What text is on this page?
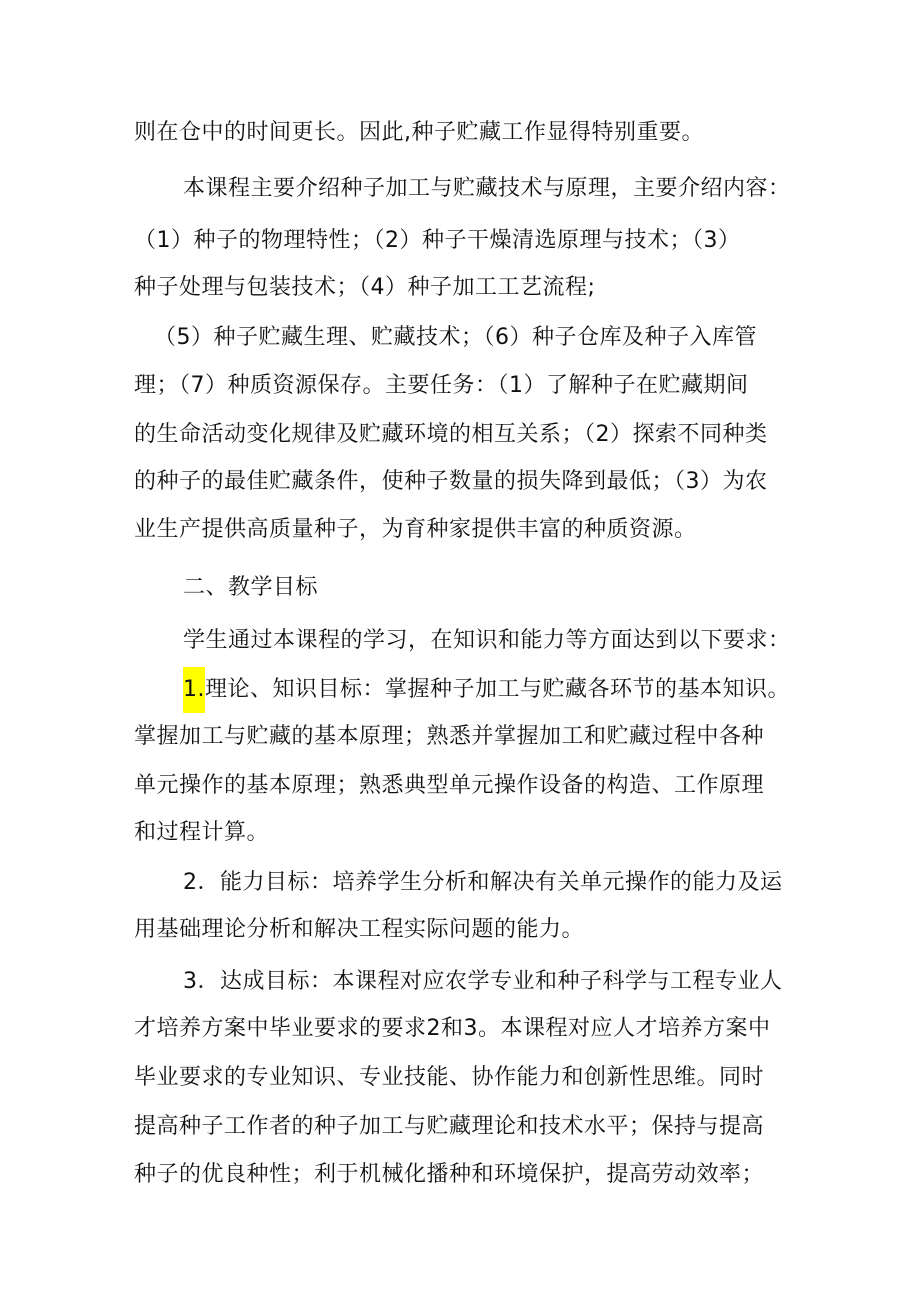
则在仓中的时间更长。因此,种子贮藏工作显得特别重要。
本课程主要介绍种子加工与贮藏技术与原理，主要介绍内容：
（1）种子的物理特性；（2）种子干燥清选原理与技术；（3）
种子处理与包装技术；（4）种子加工工艺流程;
（5）种子贮藏生理、贮藏技术；（6）种子仓库及种子入库管
理；（7）种质资源保存。主要任务：（1）了解种子在贮藏期间
的生命活动变化规律及贮藏环境的相互关系；（2）探索不同种类
的种子的最佳贮藏条件，使种子数量的损失降到最低；（3）为农
业生产提供高质量种子，为育种家提供丰富的种质资源。
二、教学目标
学生通过本课程的学习，在知识和能力等方面达到以下要求：
1.理论、知识目标：掌握种子加工与贮藏各环节的基本知识。
掌握加工与贮藏的基本原理；熟悉并掌握加工和贮藏过程中各种
单元操作的基本原理；熟悉典型单元操作设备的构造、工作原理
和过程计算。
2．能力目标：培养学生分析和解决有关单元操作的能力及运
用基础理论分析和解决工程实际问题的能力。
3．达成目标：本课程对应农学专业和种子科学与工程专业人
才培养方案中毕业要求的要求2和3。本课程对应人才培养方案中
毕业要求的专业知识、专业技能、协作能力和创新性思维。同时
提高种子工作者的种子加工与贮藏理论和技术水平；保持与提高
种子的优良种性；利于机械化播种和环境保护，提高劳动效率；
